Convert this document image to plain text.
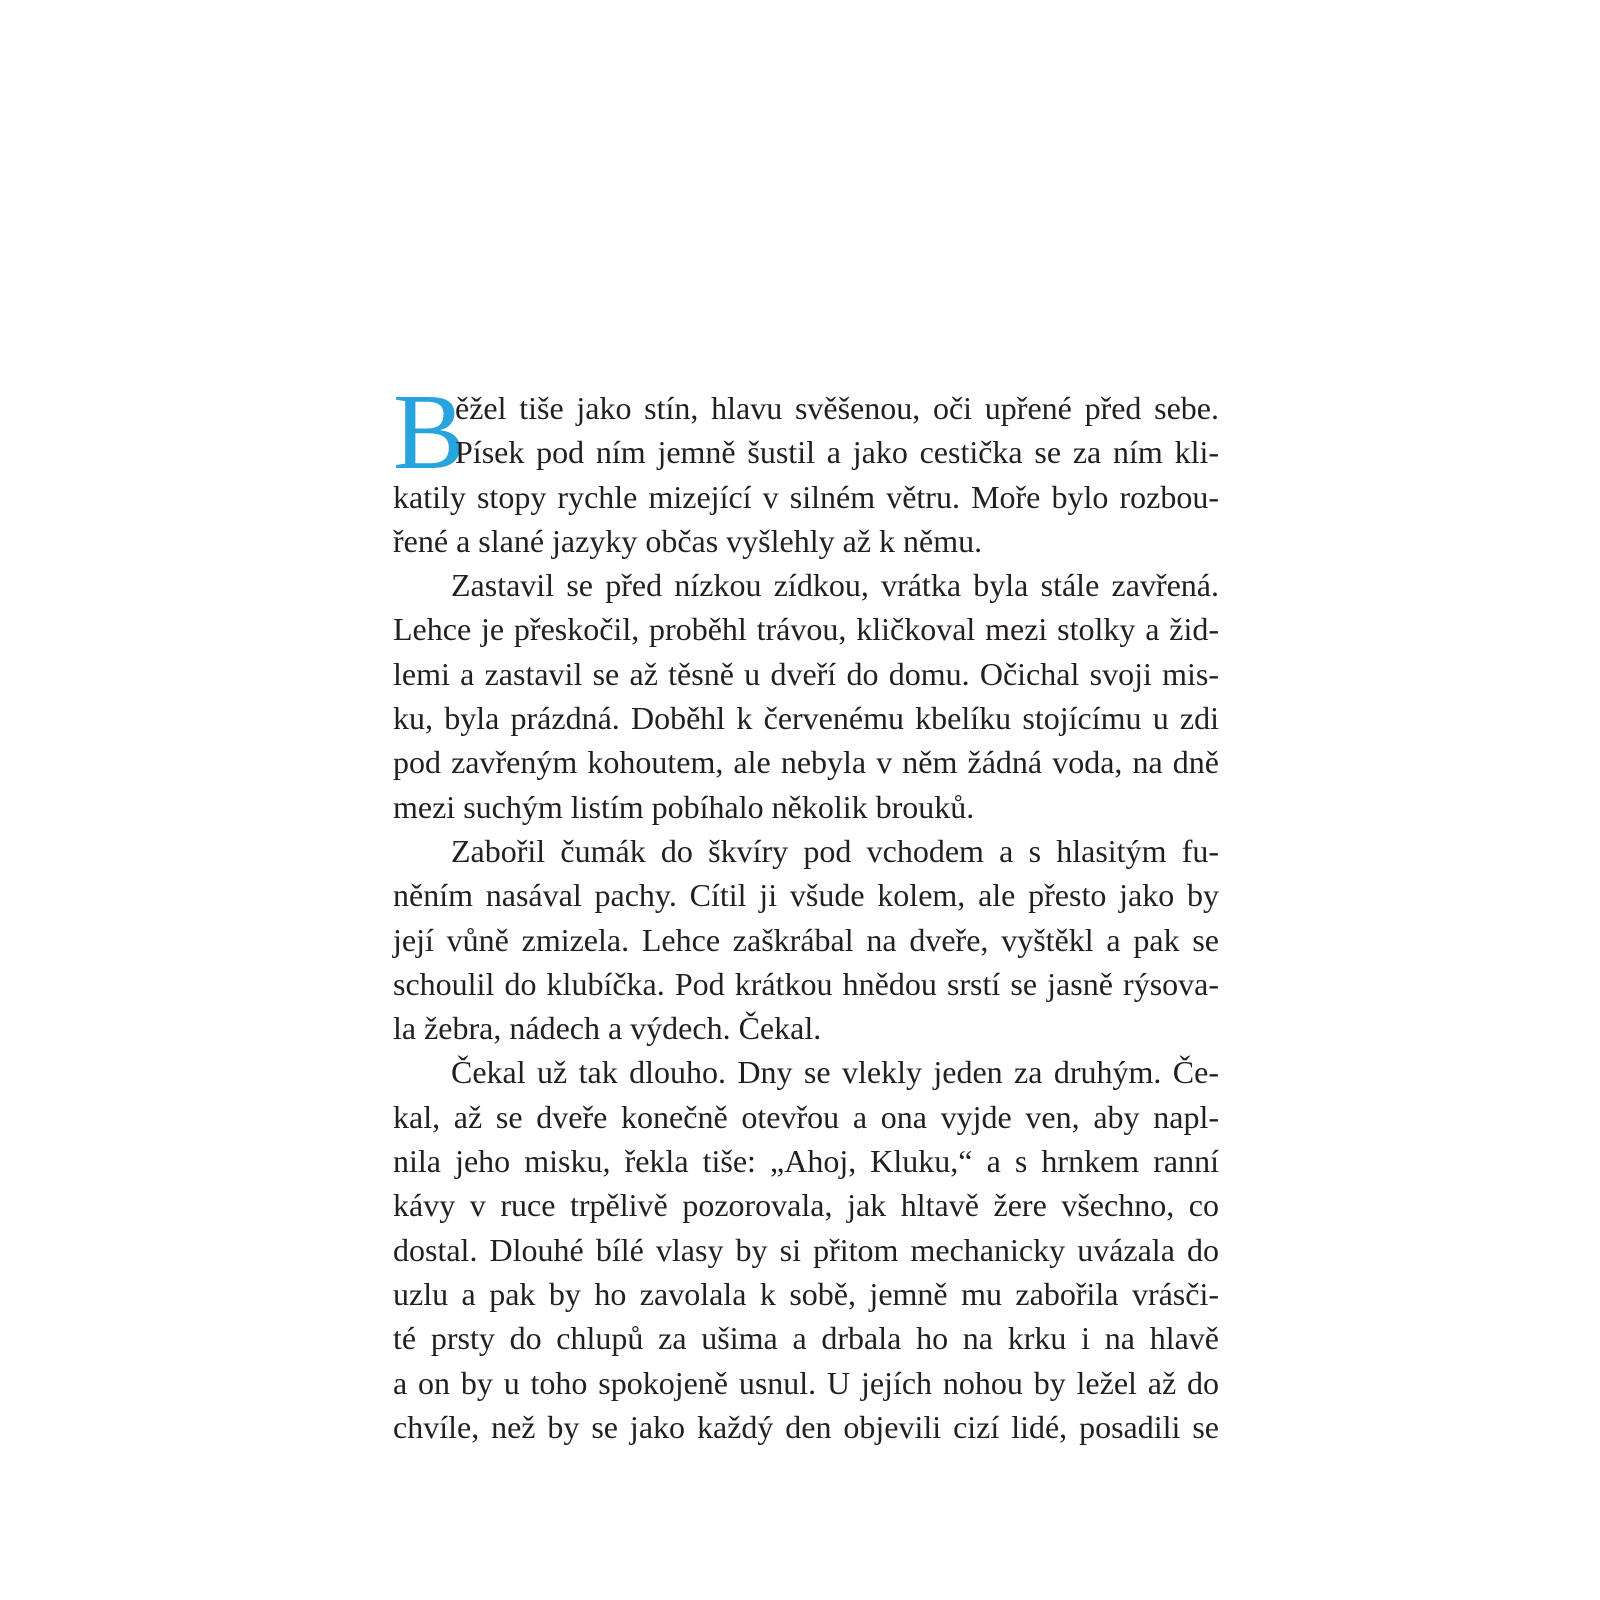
B
ěžel tiše jako stín, hlavu svěšenou, oči upřené před sebe.
Písek pod ním jemně šustil a jako cestička se za ním kli-
katily stopy rychle mizející v silném větru. Moře bylo rozbou-
řené a slané jazyky občas vyšlehly až k němu.
Zastavil se před nízkou zídkou, vrátka byla stále zavřená.
Lehce je přeskočil, proběhl trávou, kličkoval mezi stolky a žid-
lemi a zastavil se až těsně u dveří do domu. Očichal svoji mis-
ku, byla prázdná. Doběhl k červenému kbelíku stojícímu u zdi
pod zavřeným kohoutem, ale nebyla v něm žádná voda, na dně
mezi suchým listím pobíhalo několik brouků.
Zabořil čumák do škvíry pod vchodem a s hlasitým fu-
něním nasával pachy. Cítil ji všude kolem, ale přesto jako by
její vůně zmizela. Lehce zaškrábal na dveře, vyštěkl a pak se
schoulil do klubíčka. Pod krátkou hnědou srstí se jasně rýsova-
la žebra, nádech a výdech. Čekal.
Čekal už tak dlouho. Dny se vlekly jeden za druhým. Če-
kal, až se dveře konečně otevřou a ona vyjde ven, aby napl-
nila jeho misku, řekla tiše: „Ahoj, Kluku,“ a s hrnkem ranní
kávy v ruce trpělivě pozorovala, jak hltavě žere všechno, co
dostal. Dlouhé bílé vlasy by si přitom mechanicky uvázala do
uzlu a pak by ho zavolala k sobě, jemně mu zabořila vrásči-
té prsty do chlupů za ušima a drbala ho na krku i na hlavě
a on by u toho spokojeně usnul. U jejích nohou by ležel až do
chvíle, než by se jako každý den objevili cizí lidé, posadili se
